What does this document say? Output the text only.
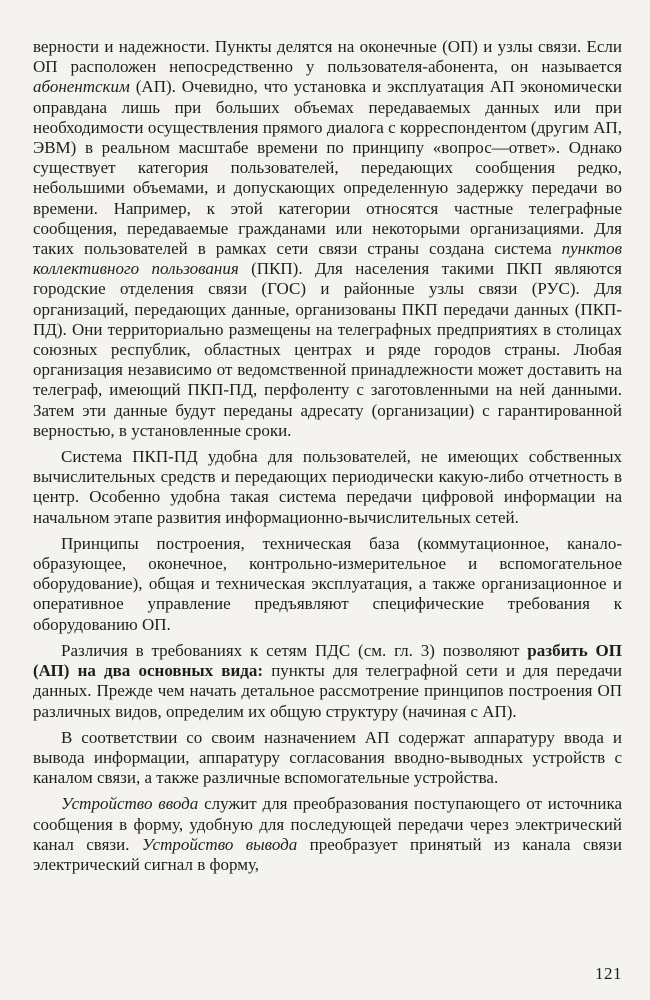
верности и надежности. Пункты делятся на оконечные (ОП) и узлы связи. Если ОП расположен непосредственно у пользователя-абонента, он называется абонентским (АП). Очевидно, что установка и эксплуатация АП экономически оправдана лишь при больших объемах передаваемых данных или при необходимости осуществления прямого диалога с корреспондентом (другим АП, ЭВМ) в реальном масштабе времени по принципу «вопрос—ответ». Однако существует категория пользователей, передающих сообщения редко, небольшими объемами, и допускающих определенную задержку передачи во времени. Например, к этой категории относятся частные телеграфные сообщения, передаваемые гражданами или некоторыми организациями. Для таких пользователей в рамках сети связи страны создана система пунктов коллективного пользования (ПКП). Для населения такими ПКП являются городские отделения связи (ГОС) и районные узлы связи (РУС). Для организаций, передающих данные, организованы ПКП передачи данных (ПКП-ПД). Они территориально размещены на телеграфных предприятиях в столицах союзных республик, областных центрах и ряде городов страны. Любая организация независимо от ведомственной принадлежности может доставить на телеграф, имеющий ПКП-ПД, перфоленту с заготовленными на ней данными. Затем эти данные будут переданы адресату (организации) с гарантированной верностью, в установленные сроки.

Система ПКП-ПД удобна для пользователей, не имеющих собственных вычислительных средств и передающих периодически какую-либо отчетность в центр. Особенно удобна такая система передачи цифровой информации на начальном этапе развития информационно-вычислительных сетей.

Принципы построения, техническая база (коммутационное, канало-образующее, оконечное, контрольно-измерительное и вспомогательное оборудование), общая и техническая эксплуатация, а также организационное и оперативное управление предъявляют специфические требования к оборудованию ОП.

Различия в требованиях к сетям ПДС (см. гл. 3) позволяют разбить ОП (АП) на два основных вида: пункты для телеграфной сети и для передачи данных. Прежде чем начать детальное рассмотрение принципов построения ОП различных видов, определим их общую структуру (начиная с АП).

В соответствии со своим назначением АП содержат аппаратуру ввода и вывода информации, аппаратуру согласования вводно-выводных устройств с каналом связи, а также различные вспомогательные устройства.

Устройство ввода служит для преобразования поступающего от источника сообщения в форму, удобную для последующей передачи через электрический канал связи. Устройство вывода преобразует принятый из канала связи электрический сигнал в форму,

121
